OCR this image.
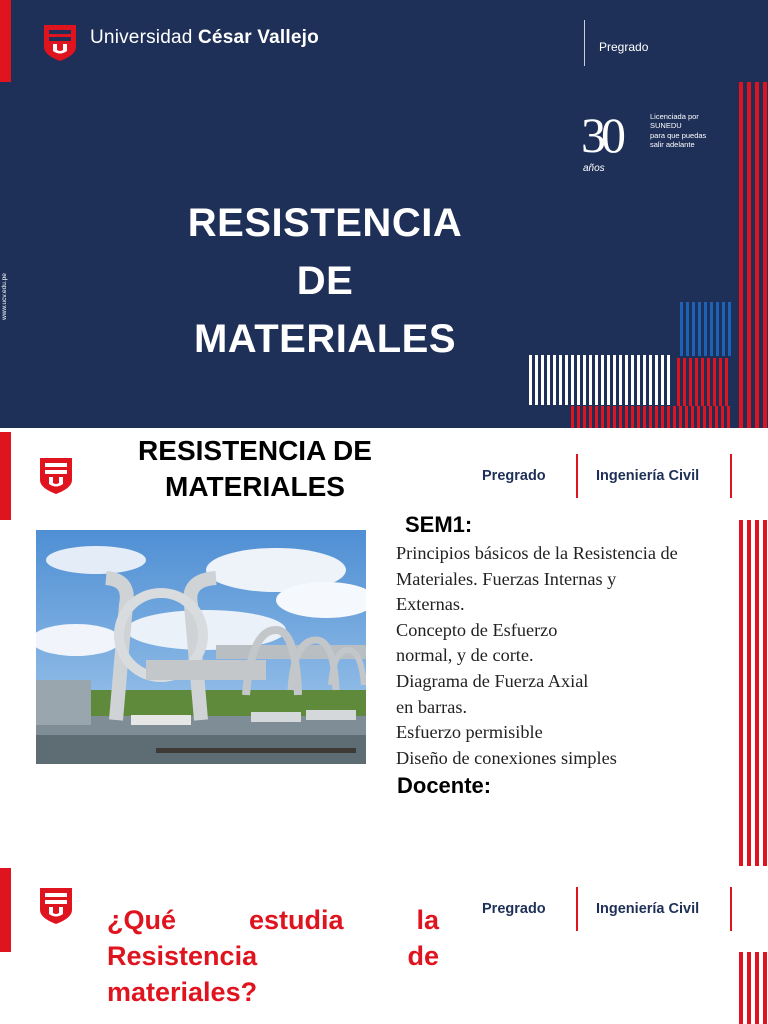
Universidad César Vallejo	Pregrado
30
años
Licenciada por
SUNEDU
para que puedas
salir adelante
RESISTENCIA
DE
MATERIALES
www.ucv.edu.pe
RESISTENCIA DE
MATERIALES	Pregrado	Ingeniería Civil
SEM1:
Principios básicos de la Resistencia de
Materiales. Fuerzas Internas y
Externas.
Concepto de Esfuerzo
normal, y de corte.
Diagrama de Fuerza Axial
en barras.
Esfuerzo permisible
Diseño de conexiones simples
Docente:
¿Qué estudia la
Resistencia de
materiales?
Pregrado	Ingeniería Civil
